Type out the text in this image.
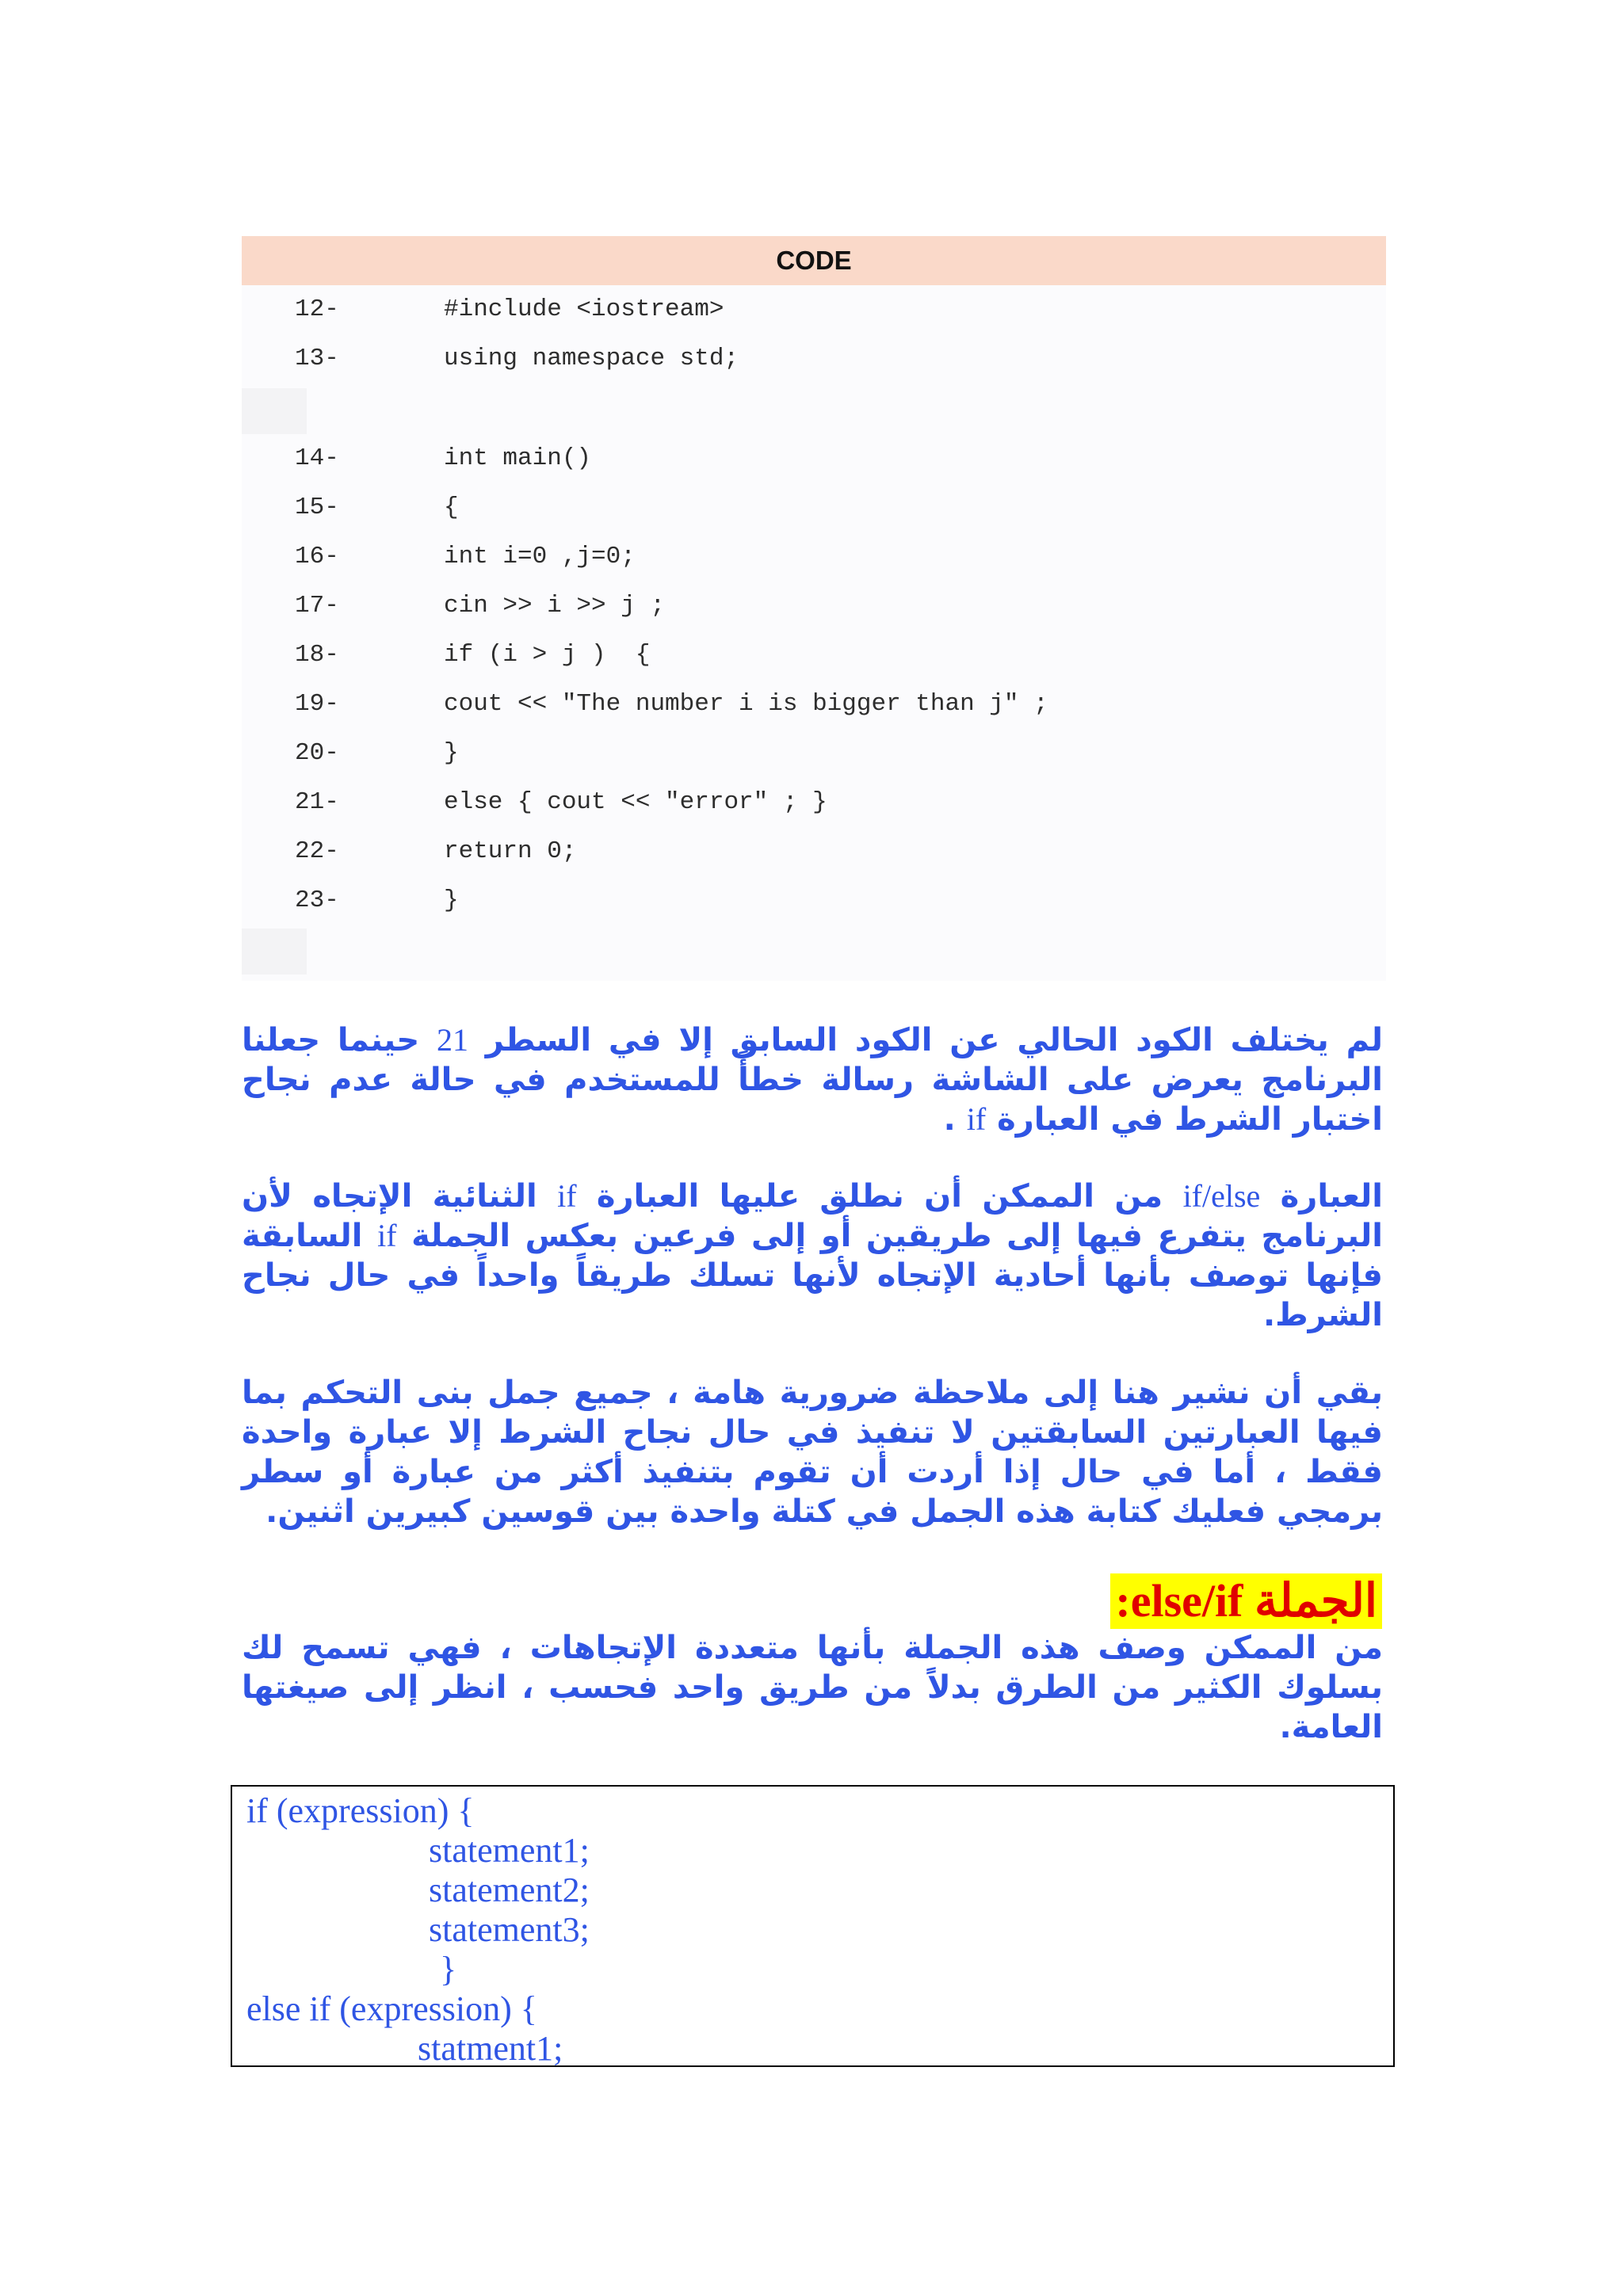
CODE
12-	#include <iostream>
13-	using namespace std;
14-	int main()
15-	{
16-	int i=0 ,j=0;
17-	cin >> i >> j ;
18-	if (i > j )  {
19-	cout << "The number i is bigger than j" ;
20-	}
21-	else { cout << "error" ; }
22-	return 0;
23-	}

لم يختلف الكود الحالي عن الكود السابق إلا في السطر 21 حينما جعلنا البرنامج يعرض على الشاشة رسالة خطأً للمستخدم في حالة عدم نجاح اختبار الشرط في العبارة if .

العبارة if/else من الممكن أن نطلق عليها العبارة if الثنائية الإتجاه لأن البرنامج يتفرع فيها إلى طريقين أو إلى فرعين بعكس الجملة if السابقة فإنها توصف بأنها أحادية الإتجاه لأنها تسلك طريقاً واحداً في حال نجاح الشرط.

بقي أن نشير هنا إلى ملاحظة ضرورية هامة ، جميع جمل بنى التحكم بما فيها العبارتين السابقتين لا تنفيذ في حال نجاح الشرط إلا عبارة واحدة فقط ، أما في حال إذا أردت أن تقوم بتنفيذ أكثر من عبارة أو سطر برمجي فعليك كتابة هذه الجمل في كتلة واحدة بين قوسين كبيرين اثنين.

الجملة else/if:

من الممكن وصف هذه الجملة بأنها متعددة الإتجاهات ، فهي تسمح لك بسلوك الكثير من الطرق بدلاً من طريق واحد فحسب ، انظر إلى صيغتها العامة.

if (expression) {
statement1;
statement2;
statement3;
}
else if (expression) {
statment1;
